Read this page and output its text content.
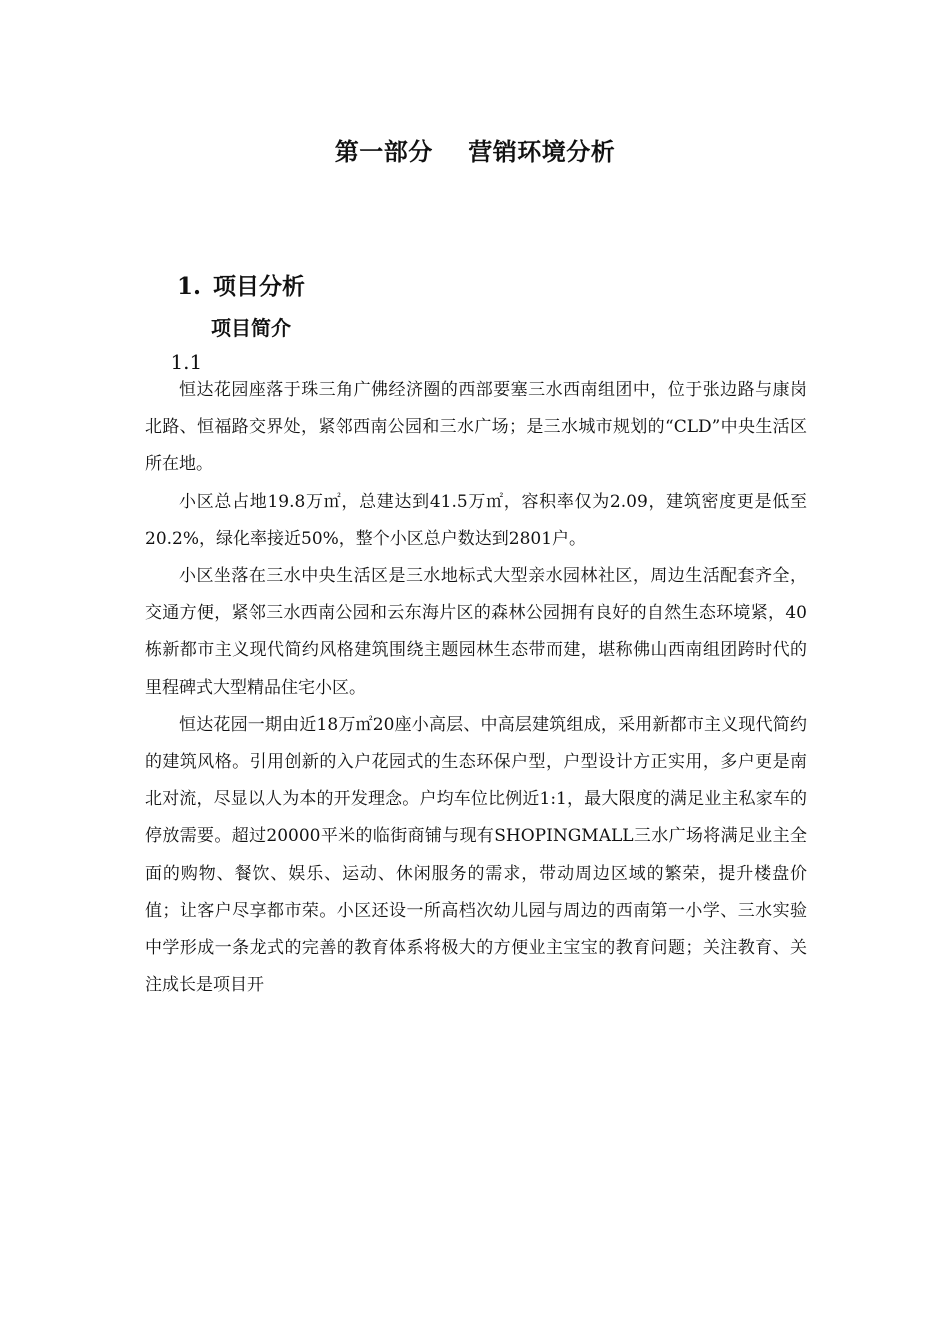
第一部分    营销环境分析

1. 项目分析

1.1

项目简介

恒达花园座落于珠三角广佛经济圈的西部要塞三水西南组团中，位于张边路与康岗北路、恒福路交界处，紧邻西南公园和三水广场；是三水城市规划的“CLD”中央生活区所在地。

小区总占地19.8万㎡，总建达到41.5万㎡，容积率仅为2.09，建筑密度更是低至20.2%，绿化率接近50%，整个小区总户数达到2801户。

小区坐落在三水中央生活区是三水地标式大型亲水园林社区，周边生活配套齐全，交通方便，紧邻三水西南公园和云东海片区的森林公园拥有良好的自然生态环境紧，40栋新都市主义现代简约风格建筑围绕主题园林生态带而建，堪称佛山西南组团跨时代的里程碑式大型精品住宅小区。

恒达花园一期由近18万㎡20座小高层、中高层建筑组成，采用新都市主义现代简约的建筑风格。引用创新的入户花园式的生态环保户型，户型设计方正实用，多户更是南北对流，尽显以人为本的开发理念。户均车位比例近1:1，最大限度的满足业主私家车的停放需要。超过20000平米的临街商铺与现有SHOPINGMALL三水广场将满足业主全面的购物、餐饮、娱乐、运动、休闲服务的需求，带动周边区域的繁荣，提升楼盘价值；让客户尽享都市荣。小区还设一所高档次幼儿园与周边的西南第一小学、三水实验中学形成一条龙式的完善的教育体系将极大的方便业主宝宝的教育问题；关注教育、关注成长是项目开
